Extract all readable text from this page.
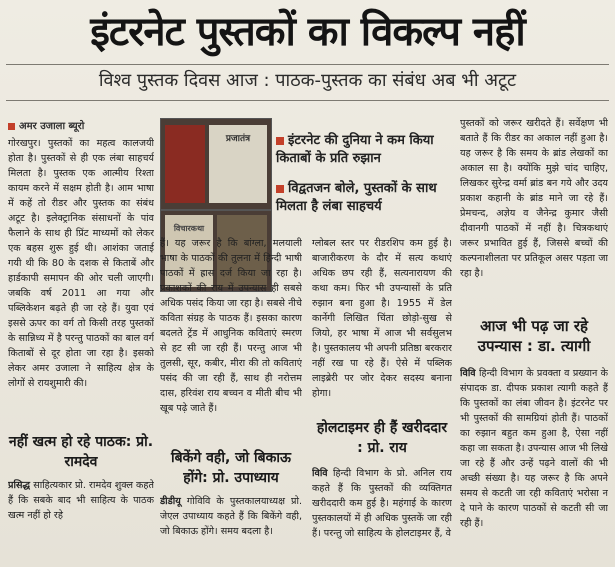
इंटरनेट पुस्तकों का विकल्प नहीं
विश्व पुस्तक दिवस आज : पाठक-पुस्तक का संबंध अब भी अटूट
अमर उजाला ब्यूरो

गोरखपुर। पुस्तकों का महत्व कालजयी होता है। पुस्तकों से ही एक लंबा साहचर्य मिलता है। पुस्तक एक आत्मीय रिश्ता कायम करने में सक्षम होती है। आम भाषा में कहें तो रीडर और पुस्तक का संबंध अटूट है। इलेक्ट्रानिक संसाधनों के पांव फैलाने के साथ ही प्रिंट माध्यमों को लेकर एक बहस शुरू हुई थी। आशंका जताई गयी थी कि 80 के दशक से किताबें और हार्डकापी समापन की ओर चली जाएगी। जबकि वर्ष 2011 आ गया और पब्लिकेशन बढ़ते ही जा रहे हैं। युवा एवं इससे ऊपर का वर्ग तो किसी तरह पुस्तकों के सान्निध्य में है परन्तु पाठकों का बाल वर्ग किताबों से दूर होता जा रहा है। इसको लेकर अमर उजाला ने साहित्य क्षेत्र के लोगों से रायशुमारी की।

नहीं खत्म हो रहे पाठक: प्रो. रामदेव

प्रसिद्ध साहित्यकार प्रो. रामदेव शुक्ल कहते हैं कि सबके बाद भी साहित्य के पाठक खत्म नहीं हो रहे

प्रजातंत्र
विचारकथा
इंटरनेट की दुनिया ने कम किया किताबों के प्रति रुझान
विद्वतजन बोले, पुस्तकों के साथ मिलता है लंबा साहचर्य

हैं। यह जरूर है कि बांग्ला, मलयाली भाषा के पाठकों की तुलना में हिन्दी भाषी पाठकों में ह्रास दर्ज किया जा रहा है। प्रकाशकों की राय में उपन्यास ही सबसे अधिक पसंद किया जा रहा है। सबसे नीचे कविता संग्रह के पाठक हैं। इसका कारण बदलते ट्रेंड में आधुनिक कविताएं स्मरण से हट सी जा रही हैं। परन्तु आज भी तुलसी, सूर, कबीर, मीरा की तो कविताएं पसंद की जा रही हैं, साथ ही नरोत्तम दास, हरिवंश राय बच्चन व मीती बीच भी खूब पढ़े जाते हैं।

बिकेंगे वही, जो बिकाऊ होंगे: प्रो. उपाध्याय

डीडीयू गोविवि के पुस्तकालयाध्यक्ष प्रो. जेएल उपाध्याय कहते हैं कि बिकेंगे वही, जो बिकाऊ होंगे। समय बदला है।

ग्लोबल स्तर पर रीडरशिप कम हुई है। बाजारीकरण के दौर में सत्य कथाएं अधिक छप रही हैं, सत्यनारायण की कथा कम। फिर भी उपन्यासों के प्रति रुझान बना हुआ है। 1955 में डेल कार्नेगी लिखित चिंता छोड़ो-सुख से जियो, हर भाषा में आज भी सर्वसुलभ है। पुस्तकालय भी अपनी प्रतिष्ठा बरकरार नहीं रख पा रहे हैं। ऐसे में पब्लिक लाइब्रेरी पर जोर देकर सदस्य बनाना होगा।

होलटाइमर ही हैं खरीददार : प्रो. राय

विवि हिन्दी विभाग के प्रो. अनिल राय कहते हैं कि पुस्तकों की व्यक्तिगत खरीददारी कम हुई है। महंगाई के कारण पुस्तकालयों में ही अधिक पुस्तकें जा रही हैं। परन्तु जो साहित्य के होलटाइमर हैं, वे

पुस्तकों को जरूर खरीदते हैं। सर्वेक्षण भी बताते हैं कि रीडर का अकाल नहीं हुआ है। यह जरूर है कि समय के ब्रांड लेखकों का अकाल सा है। क्योंकि मुझे चांद चाहिए, लिखकर सुरेन्द्र वर्मा ब्रांड बन गये और उदय प्रकाश कहानी के ब्रांड माने जा रहे हैं। प्रेमचन्द, अज्ञेय व जैनेन्द्र कुमार जैसी दीवानगी पाठकों में नहीं है। चित्रकथाएं जरूर प्रभावित हुई हैं, जिससे बच्चों की कल्पनाशीलता पर प्रतिकूल असर पड़ता जा रहा है।

आज भी पढ़ जा रहे उपन्यास : डा. त्यागी

विवि हिन्दी विभाग के प्रवक्ता व प्रख्यान के संपादक डा. दीपक प्रकाश त्यागी कहते हैं कि पुस्तकों का लंबा जीवन है। इंटरनेट पर भी पुस्तकों की सामग्रियां होती हैं। पाठकों का रुझान बहुत कम हुआ है, ऐसा नहीं कहा जा सकता है। उपन्यास आज भी लिखे जा रहे हैं और उन्हें पढ़ने वालों की भी अच्छी संख्या है। यह जरूर है कि अपने समय से कटती जा रही कविताएं भरोसा न दे पाने के कारण पाठकों से कटती सी जा रही हैं।
